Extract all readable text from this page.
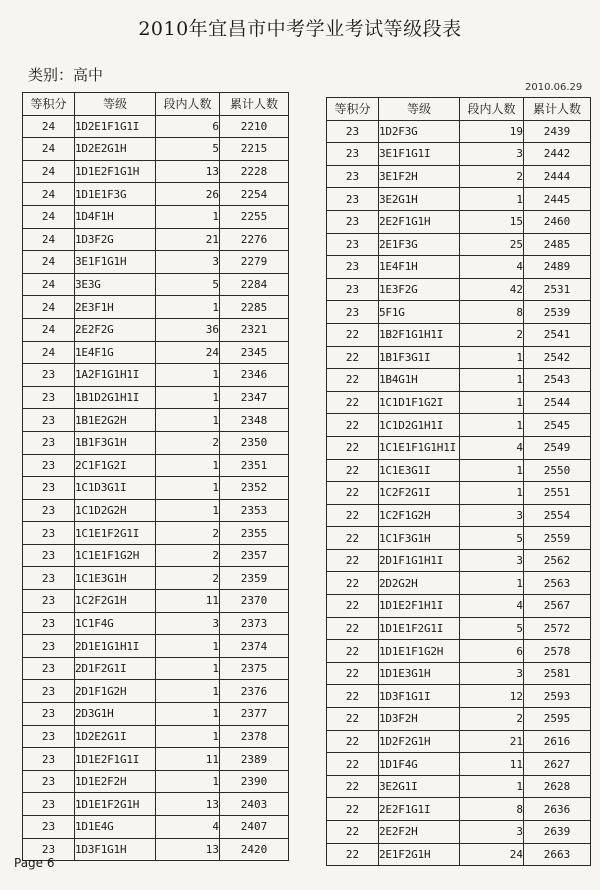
2010年宜昌市中考学业考试等级段表
类别：高中
2010.06.29
等积分	等级	段内人数	累计人数
24	1D2E1F1G1I	6	2210
24	1D2E2G1H	5	2215
24	1D1E2F1G1H	13	2228
24	1D1E1F3G	26	2254
24	1D4F1H	1	2255
24	1D3F2G	21	2276
24	3E1F1G1H	3	2279
24	3E3G	5	2284
24	2E3F1H	1	2285
24	2E2F2G	36	2321
24	1E4F1G	24	2345
23	1A2F1G1H1I	1	2346
23	1B1D2G1H1I	1	2347
23	1B1E2G2H	1	2348
23	1B1F3G1H	2	2350
23	2C1F1G2I	1	2351
23	1C1D3G1I	1	2352
23	1C1D2G2H	1	2353
23	1C1E1F2G1I	2	2355
23	1C1E1F1G2H	2	2357
23	1C1E3G1H	2	2359
23	1C2F2G1H	11	2370
23	1C1F4G	3	2373
23	2D1E1G1H1I	1	2374
23	2D1F2G1I	1	2375
23	2D1F1G2H	1	2376
23	2D3G1H	1	2377
23	1D2E2G1I	1	2378
23	1D1E2F1G1I	11	2389
23	1D1E2F2H	1	2390
23	1D1E1F2G1H	13	2403
23	1D1E4G	4	2407
23	1D3F1G1H	13	2420
等积分	等级	段内人数	累计人数
23	1D2F3G	19	2439
23	3E1F1G1I	3	2442
23	3E1F2H	2	2444
23	3E2G1H	1	2445
23	2E2F1G1H	15	2460
23	2E1F3G	25	2485
23	1E4F1H	4	2489
23	1E3F2G	42	2531
23	5F1G	8	2539
22	1B2F1G1H1I	2	2541
22	1B1F3G1I	1	2542
22	1B4G1H	1	2543
22	1C1D1F1G2I	1	2544
22	1C1D2G1H1I	1	2545
22	1C1E1F1G1H1I	4	2549
22	1C1E3G1I	1	2550
22	1C2F2G1I	1	2551
22	1C2F1G2H	3	2554
22	1C1F3G1H	5	2559
22	2D1F1G1H1I	3	2562
22	2D2G2H	1	2563
22	1D1E2F1H1I	4	2567
22	1D1E1F2G1I	5	2572
22	1D1E1F1G2H	6	2578
22	1D1E3G1H	3	2581
22	1D3F1G1I	12	2593
22	1D3F2H	2	2595
22	1D2F2G1H	21	2616
22	1D1F4G	11	2627
22	3E2G1I	1	2628
22	2E2F1G1I	8	2636
22	2E2F2H	3	2639
22	2E1F2G1H	24	2663
Page 6
